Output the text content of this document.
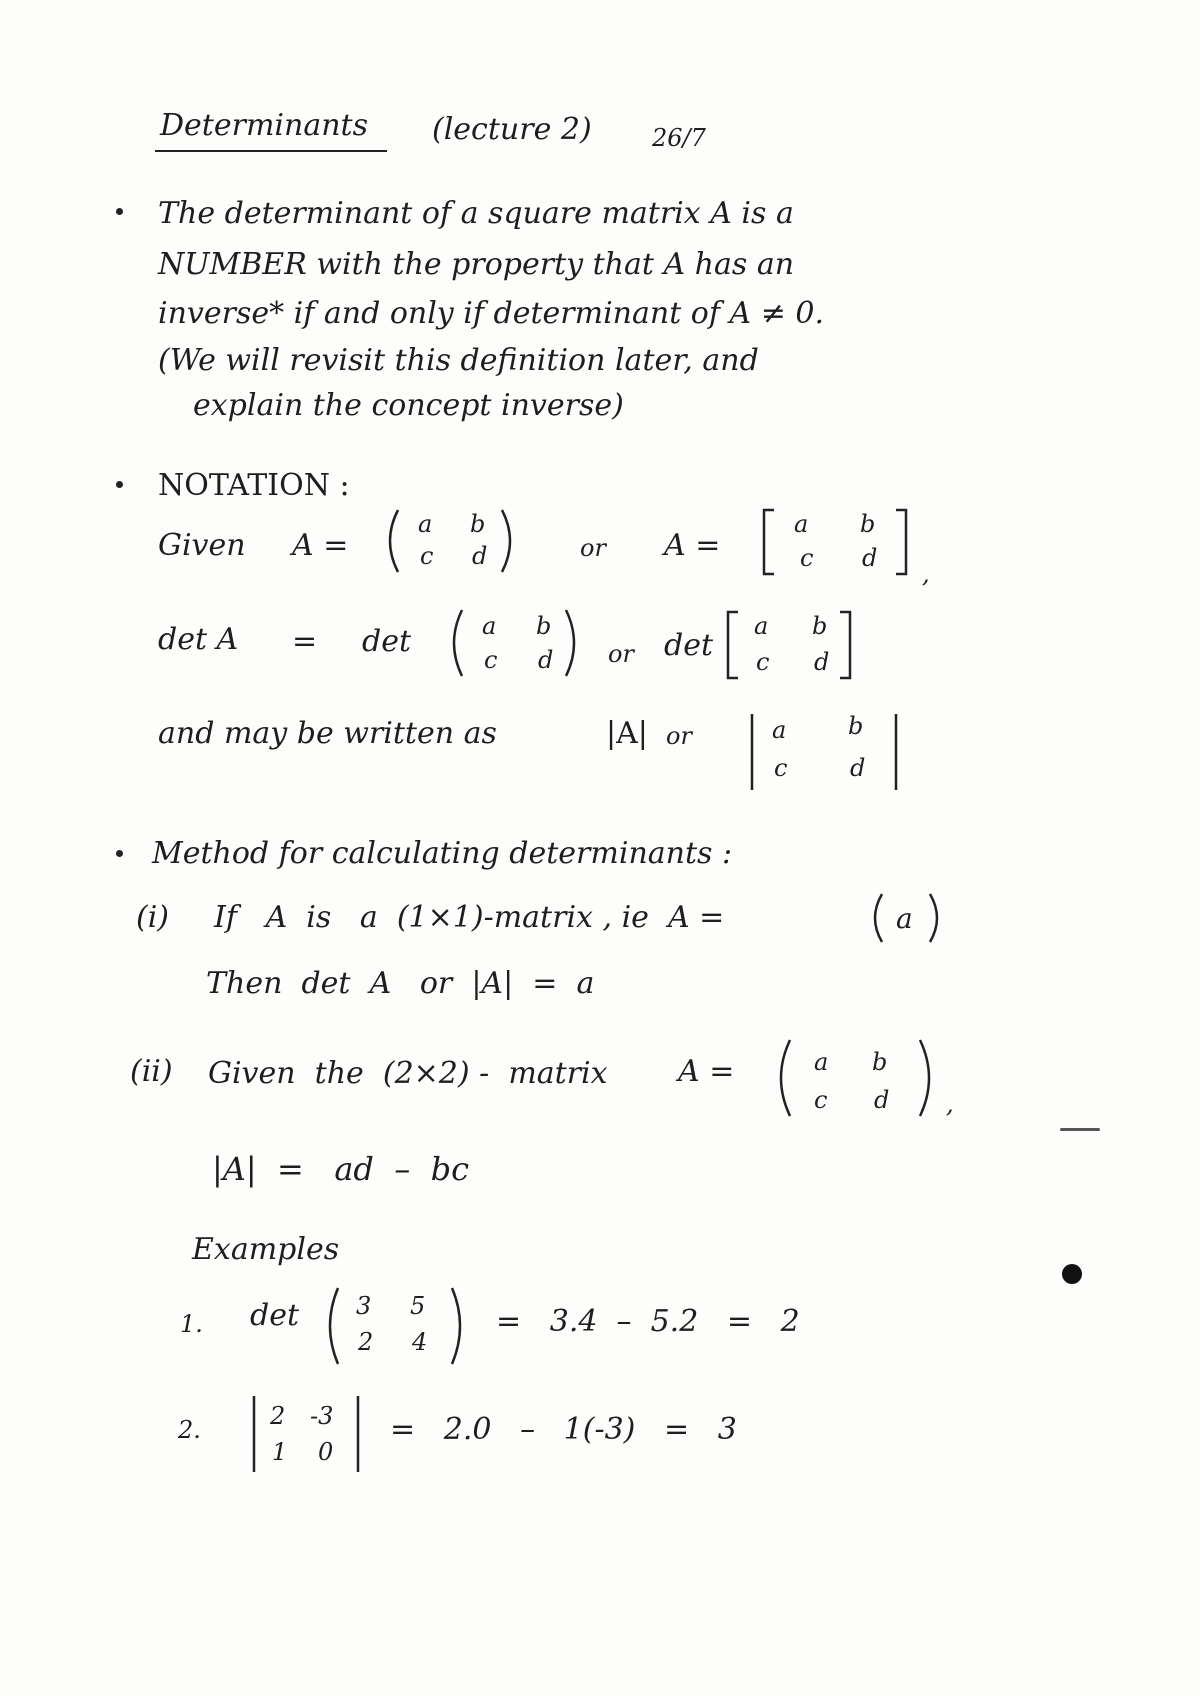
Determinants (lecture 2)	26/7
The determinant of a square matrix A is a
NUMBER with the property that A has an
inverse* if and only if determinant of A ≠ 0.
(We will revisit this definition later, and
explain the concept inverse)
NOTATION :
Given A =
a b
c d	or A =
a b
c d
,
det A = det	a b
c d or det
a b
c d
and may be written as	|A| or	a	b
c	d
Method for calculating determinants :
(i) If   A  is   a  (1×1)-matrix , ie  A =	a
Then  det  A   or  |A|  =  a
(ii) Given  the  (2×2) -  matrix A =	a b
c d ,
|A|  =   ad  –  bc
Examples
1. det 3 5
2 4
=   3.4  –  5.2   =   2
2.	2 -3
1 0
=   2.0   –   1(-3)   =   3
